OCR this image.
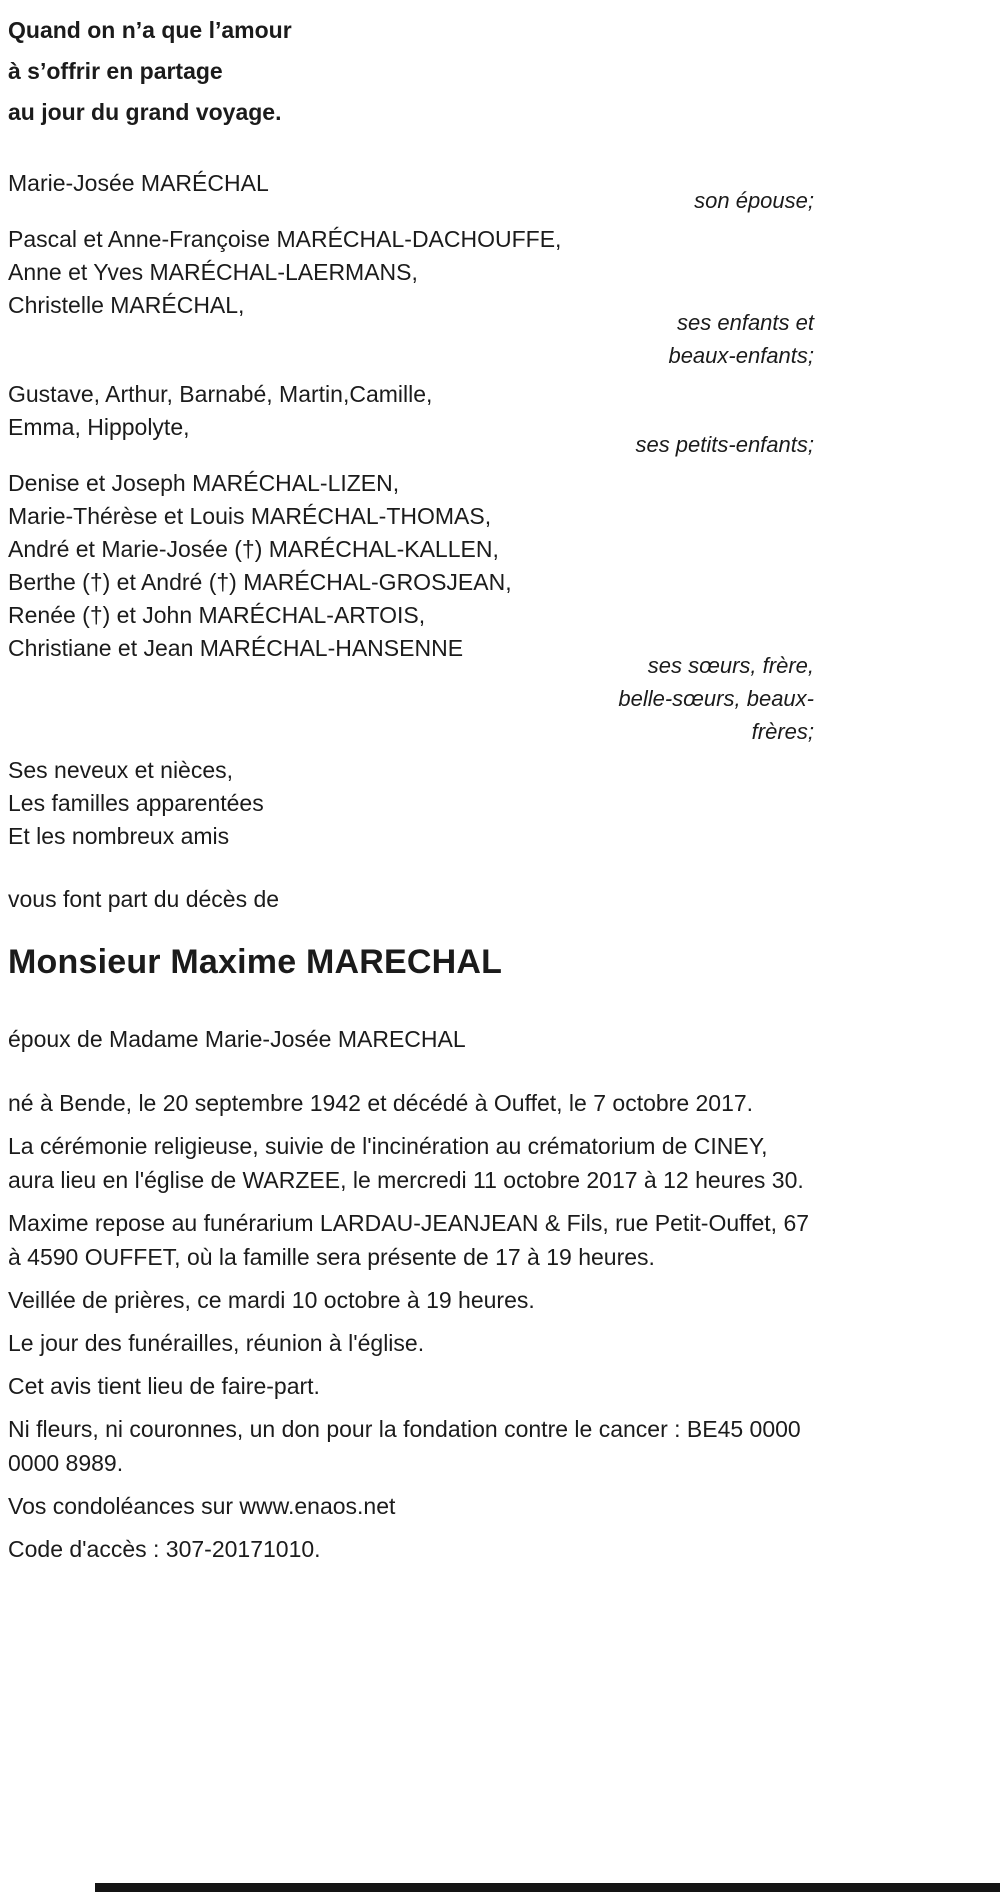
Quand on n’a que l’amour
à s’offrir en partage
au jour du grand voyage.
Marie-Josée MARÉCHAL
son épouse;
Pascal et Anne-Françoise MARÉCHAL-DACHOUFFE,
Anne et Yves MARÉCHAL-LAERMANS,
Christelle MARÉCHAL,
ses enfants et
beaux-enfants;
Gustave, Arthur, Barnabé, Martin,Camille,
Emma, Hippolyte,
ses petits-enfants;
Denise et Joseph MARÉCHAL-LIZEN,
Marie-Thérèse et Louis MARÉCHAL-THOMAS,
André et Marie-Josée (†) MARÉCHAL-KALLEN,
Berthe (†) et André (†) MARÉCHAL-GROSJEAN,
Renée (†) et John MARÉCHAL-ARTOIS,
Christiane et Jean MARÉCHAL-HANSENNE
ses sœurs, frère,
belle-sœurs, beaux-
frères;
Ses neveux et nièces,
Les familles apparentées
Et les nombreux amis
vous font part du décès de
Monsieur Maxime MARECHAL
époux de Madame Marie-Josée MARECHAL

né à Bende, le 20 septembre 1942 et décédé à Ouffet, le 7 octobre 2017.

La cérémonie religieuse, suivie de l'incinération au crématorium de CINEY, aura lieu en l'église de WARZEE, le mercredi 11 octobre 2017 à 12 heures 30.

Maxime repose au funérarium LARDAU-JEANJEAN & Fils, rue Petit-Ouffet, 67 à 4590 OUFFET, où la famille sera présente de 17 à 19 heures.

Veillée de prières, ce mardi 10 octobre à 19 heures.

Le jour des funérailles, réunion à l'église.

Cet avis tient lieu de faire-part.

Ni fleurs, ni couronnes, un don pour la fondation contre le cancer : BE45 0000 0000 8989.

Vos condoléances sur www.enaos.net

Code d'accès : 307-20171010.
